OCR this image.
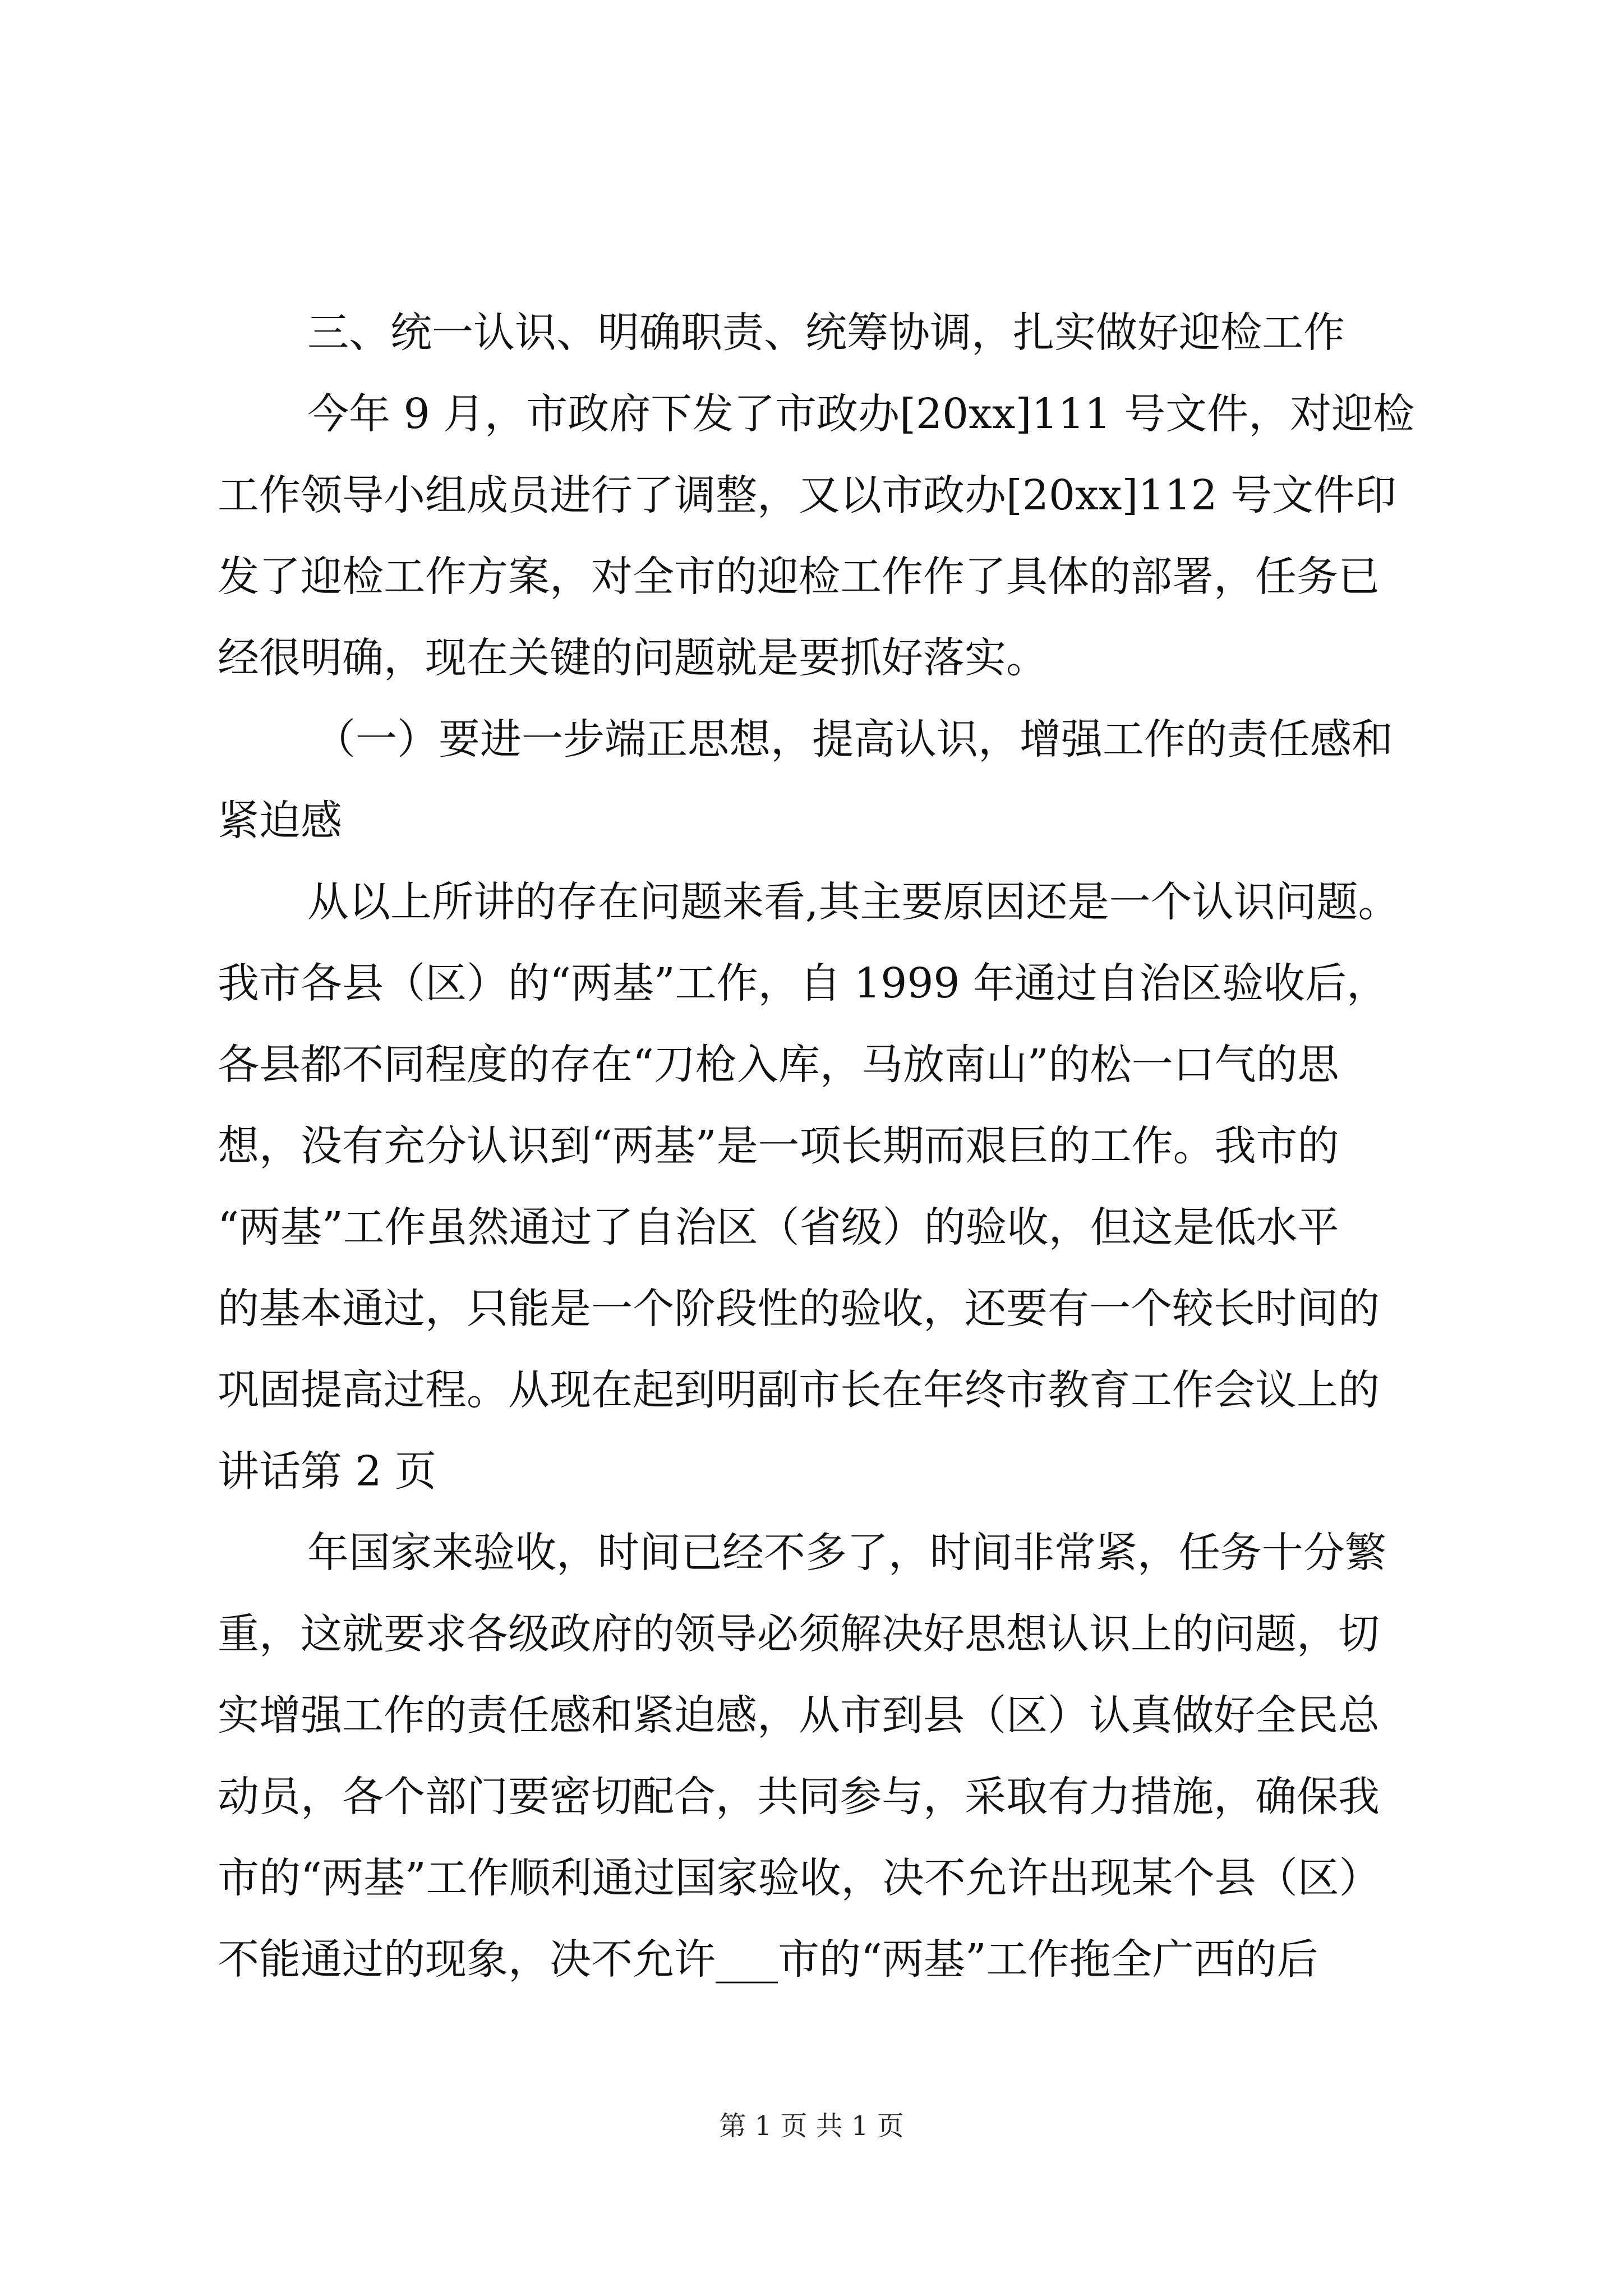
三、统一认识、明确职责、统筹协调，扎实做好迎检工作

今年 9 月，市政府下发了市政办[20xx]111 号文件，对迎检

工作领导小组成员进行了调整，又以市政办[20xx]112 号文件印

发了迎检工作方案，对全市的迎检工作作了具体的部署，任务已

经很明确，现在关键的问题就是要抓好落实。

（一）要进一步端正思想，提高认识，增强工作的责任感和

紧迫感

从以上所讲的存在问题来看,其主要原因还是一个认识问题。

我市各县（区）的“两基”工作，自 1999 年通过自治区验收后，

各县都不同程度的存在“刀枪入库，马放南山”的松一口气的思

想，没有充分认识到“两基”是一项长期而艰巨的工作。我市的

“两基”工作虽然通过了自治区（省级）的验收，但这是低水平

的基本通过，只能是一个阶段性的验收，还要有一个较长时间的

巩固提高过程。从现在起到明副市长在年终市教育工作会议上的

讲话第 2 页

年国家来验收，时间已经不多了，时间非常紧，任务十分繁

重，这就要求各级政府的领导必须解决好思想认识上的问题，切

实增强工作的责任感和紧迫感，从市到县（区）认真做好全民总

动员，各个部门要密切配合，共同参与，采取有力措施，确保我

市的“两基”工作顺利通过国家验收，决不允许出现某个县（区）

不能通过的现象，决不允许___市的“两基”工作拖全广西的后

第 1 页 共 1 页
